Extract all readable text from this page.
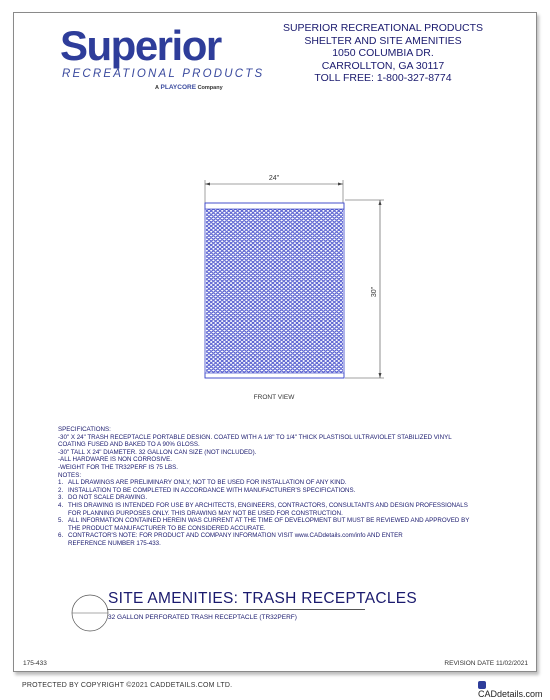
Superior
RECREATIONAL PRODUCTS
A PLAYCORE Company
SUPERIOR RECREATIONAL PRODUCTS
SHELTER AND SITE AMENITIES
1050 COLUMBIA DR.
CARROLLTON, GA 30117
TOLL FREE: 1-800-327-8774
24"
30"
FRONT VIEW
SPECIFICATIONS:
-30" X 24" TRASH RECEPTACLE PORTABLE DESIGN. COATED WITH A 1/8" TO 1/4" THICK PLASTISOL ULTRAVIOLET STABILIZED VINYL
COATING FUSED AND BAKED TO A 90% GLOSS.
-30" TALL X 24" DIAMETER. 32 GALLON CAN SIZE (NOT INCLUDED).
-ALL HARDWARE IS NON CORROSIVE.
-WEIGHT FOR THE TR32PERF IS 75 LBS.
NOTES:
1. ALL DRAWINGS ARE PRELIMINARY ONLY, NOT TO BE USED FOR INSTALLATION OF ANY KIND.
2. INSTALLATION TO BE COMPLETED IN ACCORDANCE WITH MANUFACTURER'S SPECIFICATIONS.
3. DO NOT SCALE DRAWING.
4. THIS DRAWING IS INTENDED FOR USE BY ARCHITECTS, ENGINEERS, CONTRACTORS, CONSULTANTS AND DESIGN PROFESSIONALS
FOR PLANNING PURPOSES ONLY. THIS DRAWING MAY NOT BE USED FOR CONSTRUCTION.
5. ALL INFORMATION CONTAINED HEREIN WAS CURRENT AT THE TIME OF DEVELOPMENT BUT MUST BE REVIEWED AND APPROVED BY
THE PRODUCT MANUFACTURER TO BE CONSIDERED ACCURATE.
6. CONTRACTOR'S NOTE: FOR PRODUCT AND COMPANY INFORMATION VISIT www.CADdetails.com/info AND ENTER
REFERENCE NUMBER 175-433.
SITE AMENITIES: TRASH RECEPTACLES
32 GALLON PERFORATED TRASH RECEPTACLE (TR32PERF)
175-433	REVISION DATE 11/02/2021
PROTECTED BY COPYRIGHT ©2021 CADDETAILS.COM LTD.
CADdetails.com
